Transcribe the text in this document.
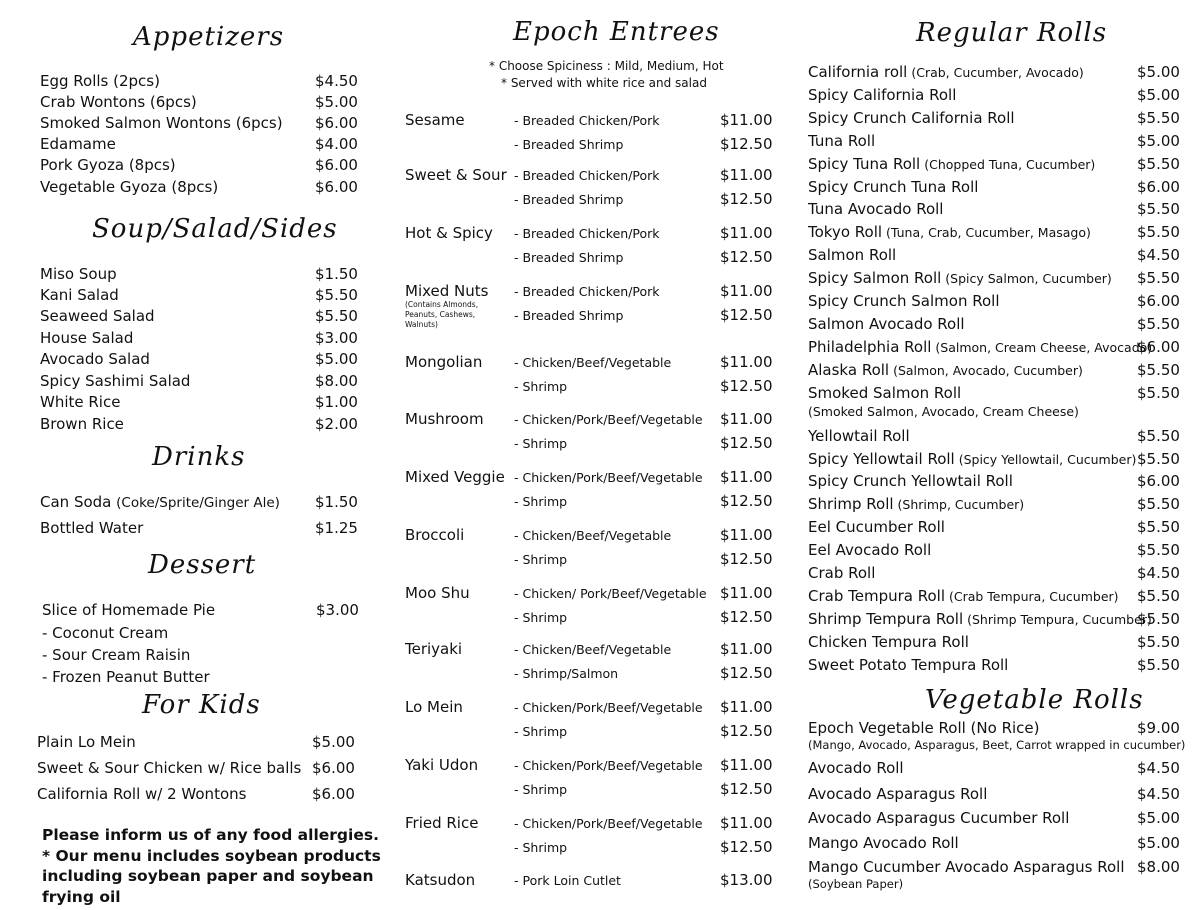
Appetizers
Soup/Salad/Sides
Drinks
Dessert
For Kids
Epoch Entrees
* Choose Spiciness : Mild, Medium, Hot
* Served with white rice and salad
Regular Rolls
Vegetable Rolls
Egg Rolls (2pcs)	$4.50
Crab Wontons (6pcs)	$5.00
Smoked Salmon Wontons (6pcs) $6.00
Edamame	$4.00
Pork Gyoza (8pcs)	$6.00
Vegetable Gyoza (8pcs)	$6.00
Miso Soup	$1.50
Kani Salad	$5.50
Seaweed Salad	$5.50
House Salad	$3.00
Avocado Salad	$5.00
Spicy Sashimi Salad	$8.00
White Rice	$1.00
Brown Rice	$2.00
Can Soda (Coke/Sprite/Ginger Ale) $1.50
Bottled Water	$1.25
Slice of Homemade Pie	$3.00
- Coconut Cream
- Sour Cream Raisin
- Frozen Peanut Butter
Plain Lo Mein	$5.00
Sweet & Sour Chicken w/ Rice balls $6.00
California Roll w/ 2 Wontons	$6.00
Please inform us of any food allergies. * Our menu includes soybean products including soybean paper and soybean frying oil
Sesame	- Breaded Chicken/Pork	$11.00
- Breaded Shrimp	$12.50
Sweet & Sour - Breaded Chicken/Pork	$11.00
- Breaded Shrimp	$12.50
Hot & Spicy - Breaded Chicken/Pork	$11.00
- Breaded Shrimp	$12.50
Mixed Nuts
(Contains Almonds, Peanuts, Cashews, Walnuts)
- Breaded Chicken/Pork	$11.00
- Breaded Shrimp	$12.50
Mongolian	- Chicken/Beef/Vegetable	$11.00
- Shrimp	$12.50
Mushroom - Chicken/Pork/Beef/Vegetable $11.00
- Shrimp	$12.50
Mixed Veggie - Chicken/Pork/Beef/Vegetable $11.00
- Shrimp	$12.50
Broccoli	- Chicken/Beef/Vegetable	$11.00
- Shrimp	$12.50
Moo Shu	- Chicken/ Pork/Beef/Vegetable $11.00
- Shrimp	$12.50
Teriyaki	- Chicken/Beef/Vegetable	$11.00
- Shrimp/Salmon	$12.50
Lo Mein	- Chicken/Pork/Beef/Vegetable $11.00
- Shrimp	$12.50
Yaki Udon	- Chicken/Pork/Beef/Vegetable $11.00
- Shrimp	$12.50
Fried Rice	- Chicken/Pork/Beef/Vegetable $11.00
- Shrimp	$12.50
Katsudon	- Pork Loin Cutlet	$13.00
California roll (Crab, Cucumber, Avocado)	$5.00
Spicy California Roll	$5.00
Spicy Crunch California Roll	$5.50
Tuna Roll	$5.00
Spicy Tuna Roll (Chopped Tuna, Cucumber)	$5.50
Spicy Crunch Tuna Roll	$6.00
Tuna Avocado Roll	$5.50
Tokyo Roll (Tuna, Crab, Cucumber, Masago)	$5.50
Salmon Roll	$4.50
Spicy Salmon Roll (Spicy Salmon, Cucumber) $5.50
Spicy Crunch Salmon Roll	$6.00
Salmon Avocado Roll	$5.50
Philadelphia Roll (Salmon, Cream Cheese, Avocado)
$6.00
Alaska Roll (Salmon, Avocado, Cucumber)	$5.50
Smoked Salmon Roll	$5.50
(Smoked Salmon, Avocado, Cream Cheese)
Yellowtail Roll	$5.50
Spicy Yellowtail Roll (Spicy Yellowtail, Cucumber) $5.50
Spicy Crunch Yellowtail Roll	$6.00
Shrimp Roll (Shrimp, Cucumber)	$5.50
Eel Cucumber Roll	$5.50
Eel Avocado Roll	$5.50
Crab Roll	$4.50
Crab Tempura Roll (Crab Tempura, Cucumber) $5.50
Shrimp Tempura Roll (Shrimp Tempura, Cucumber)
$5.50
Chicken Tempura Roll	$5.50
Sweet Potato Tempura Roll	$5.50
Epoch Vegetable Roll (No Rice)	$9.00
(Mango, Avocado, Asparagus, Beet, Carrot wrapped in cucumber)
Avocado Roll	$4.50
Avocado Asparagus Roll	$4.50
Avocado Asparagus Cucumber Roll	$5.00
Mango Avocado Roll	$5.00
Mango Cucumber Avocado Asparagus Roll $8.00
(Soybean Paper)
